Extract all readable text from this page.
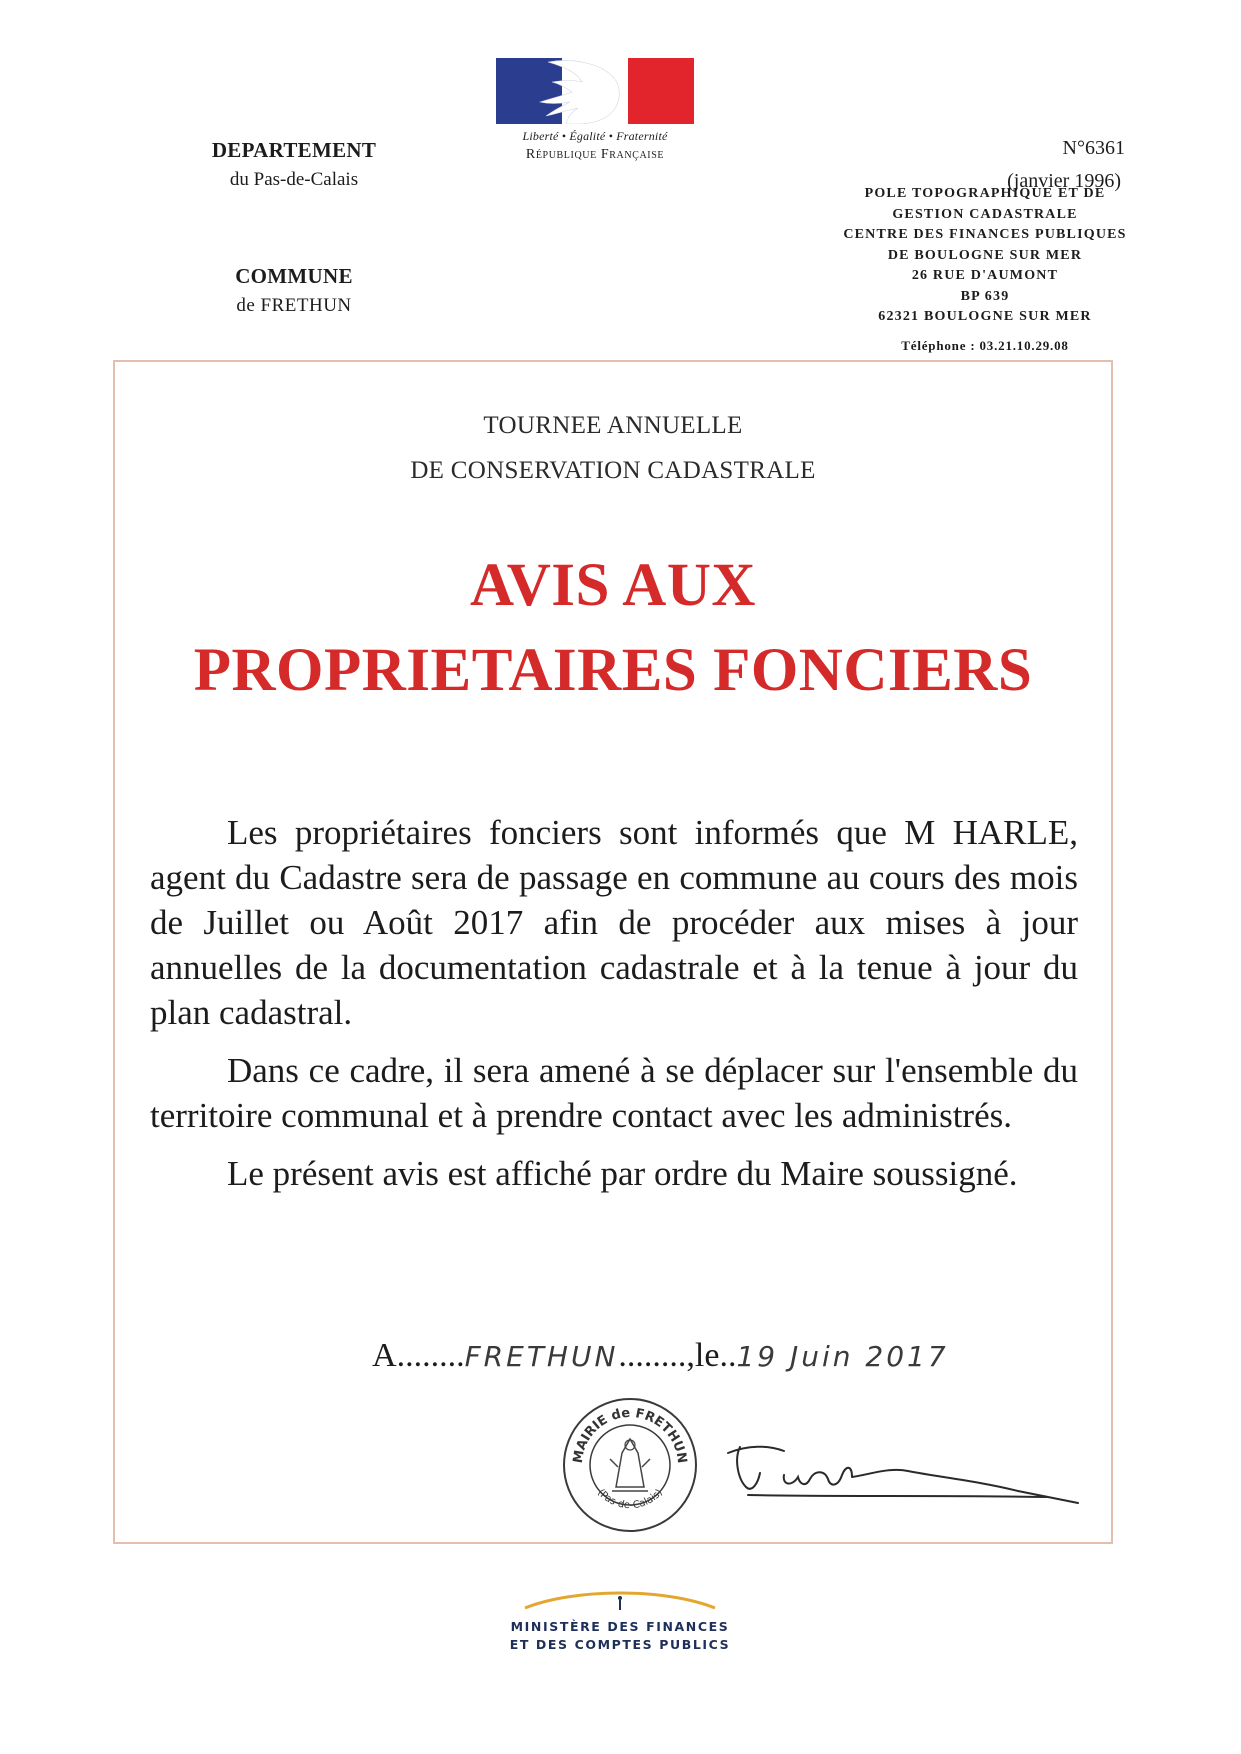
DEPARTEMENT
du Pas-de-Calais
COMMUNE
de FRETHUN
Liberté • Égalité • Fraternité
République Française	N°6361
(janvier 1996)
POLE TOPOGRAPHIQUE ET DE
GESTION CADASTRALE
CENTRE DES FINANCES PUBLIQUES
DE BOULOGNE SUR MER
26 RUE D'AUMONT
BP 639
62321 BOULOGNE SUR MER
Téléphone : 03.21.10.29.08
TOURNEE ANNUELLE
DE CONSERVATION CADASTRALE
AVIS AUX
PROPRIETAIRES FONCIERS

Les propriétaires fonciers sont informés que M HARLE, agent du Cadastre sera de passage en commune au cours des mois de Juillet ou Août 2017 afin de procéder aux mises à jour annuelles de la documentation cadastrale et à la tenue à jour du plan cadastral.

Dans ce cadre, il sera amené à se déplacer sur l'ensemble du territoire communal et à prendre contact avec les administrés.

Le présent avis est affiché par ordre du Maire soussigné.

A........FRETHUN........,le..19 Juin 2017
MAIRIE de FRETHUN
(Pas-de-Calais)
MINISTÈRE DES FINANCES
ET DES COMPTES PUBLICS
